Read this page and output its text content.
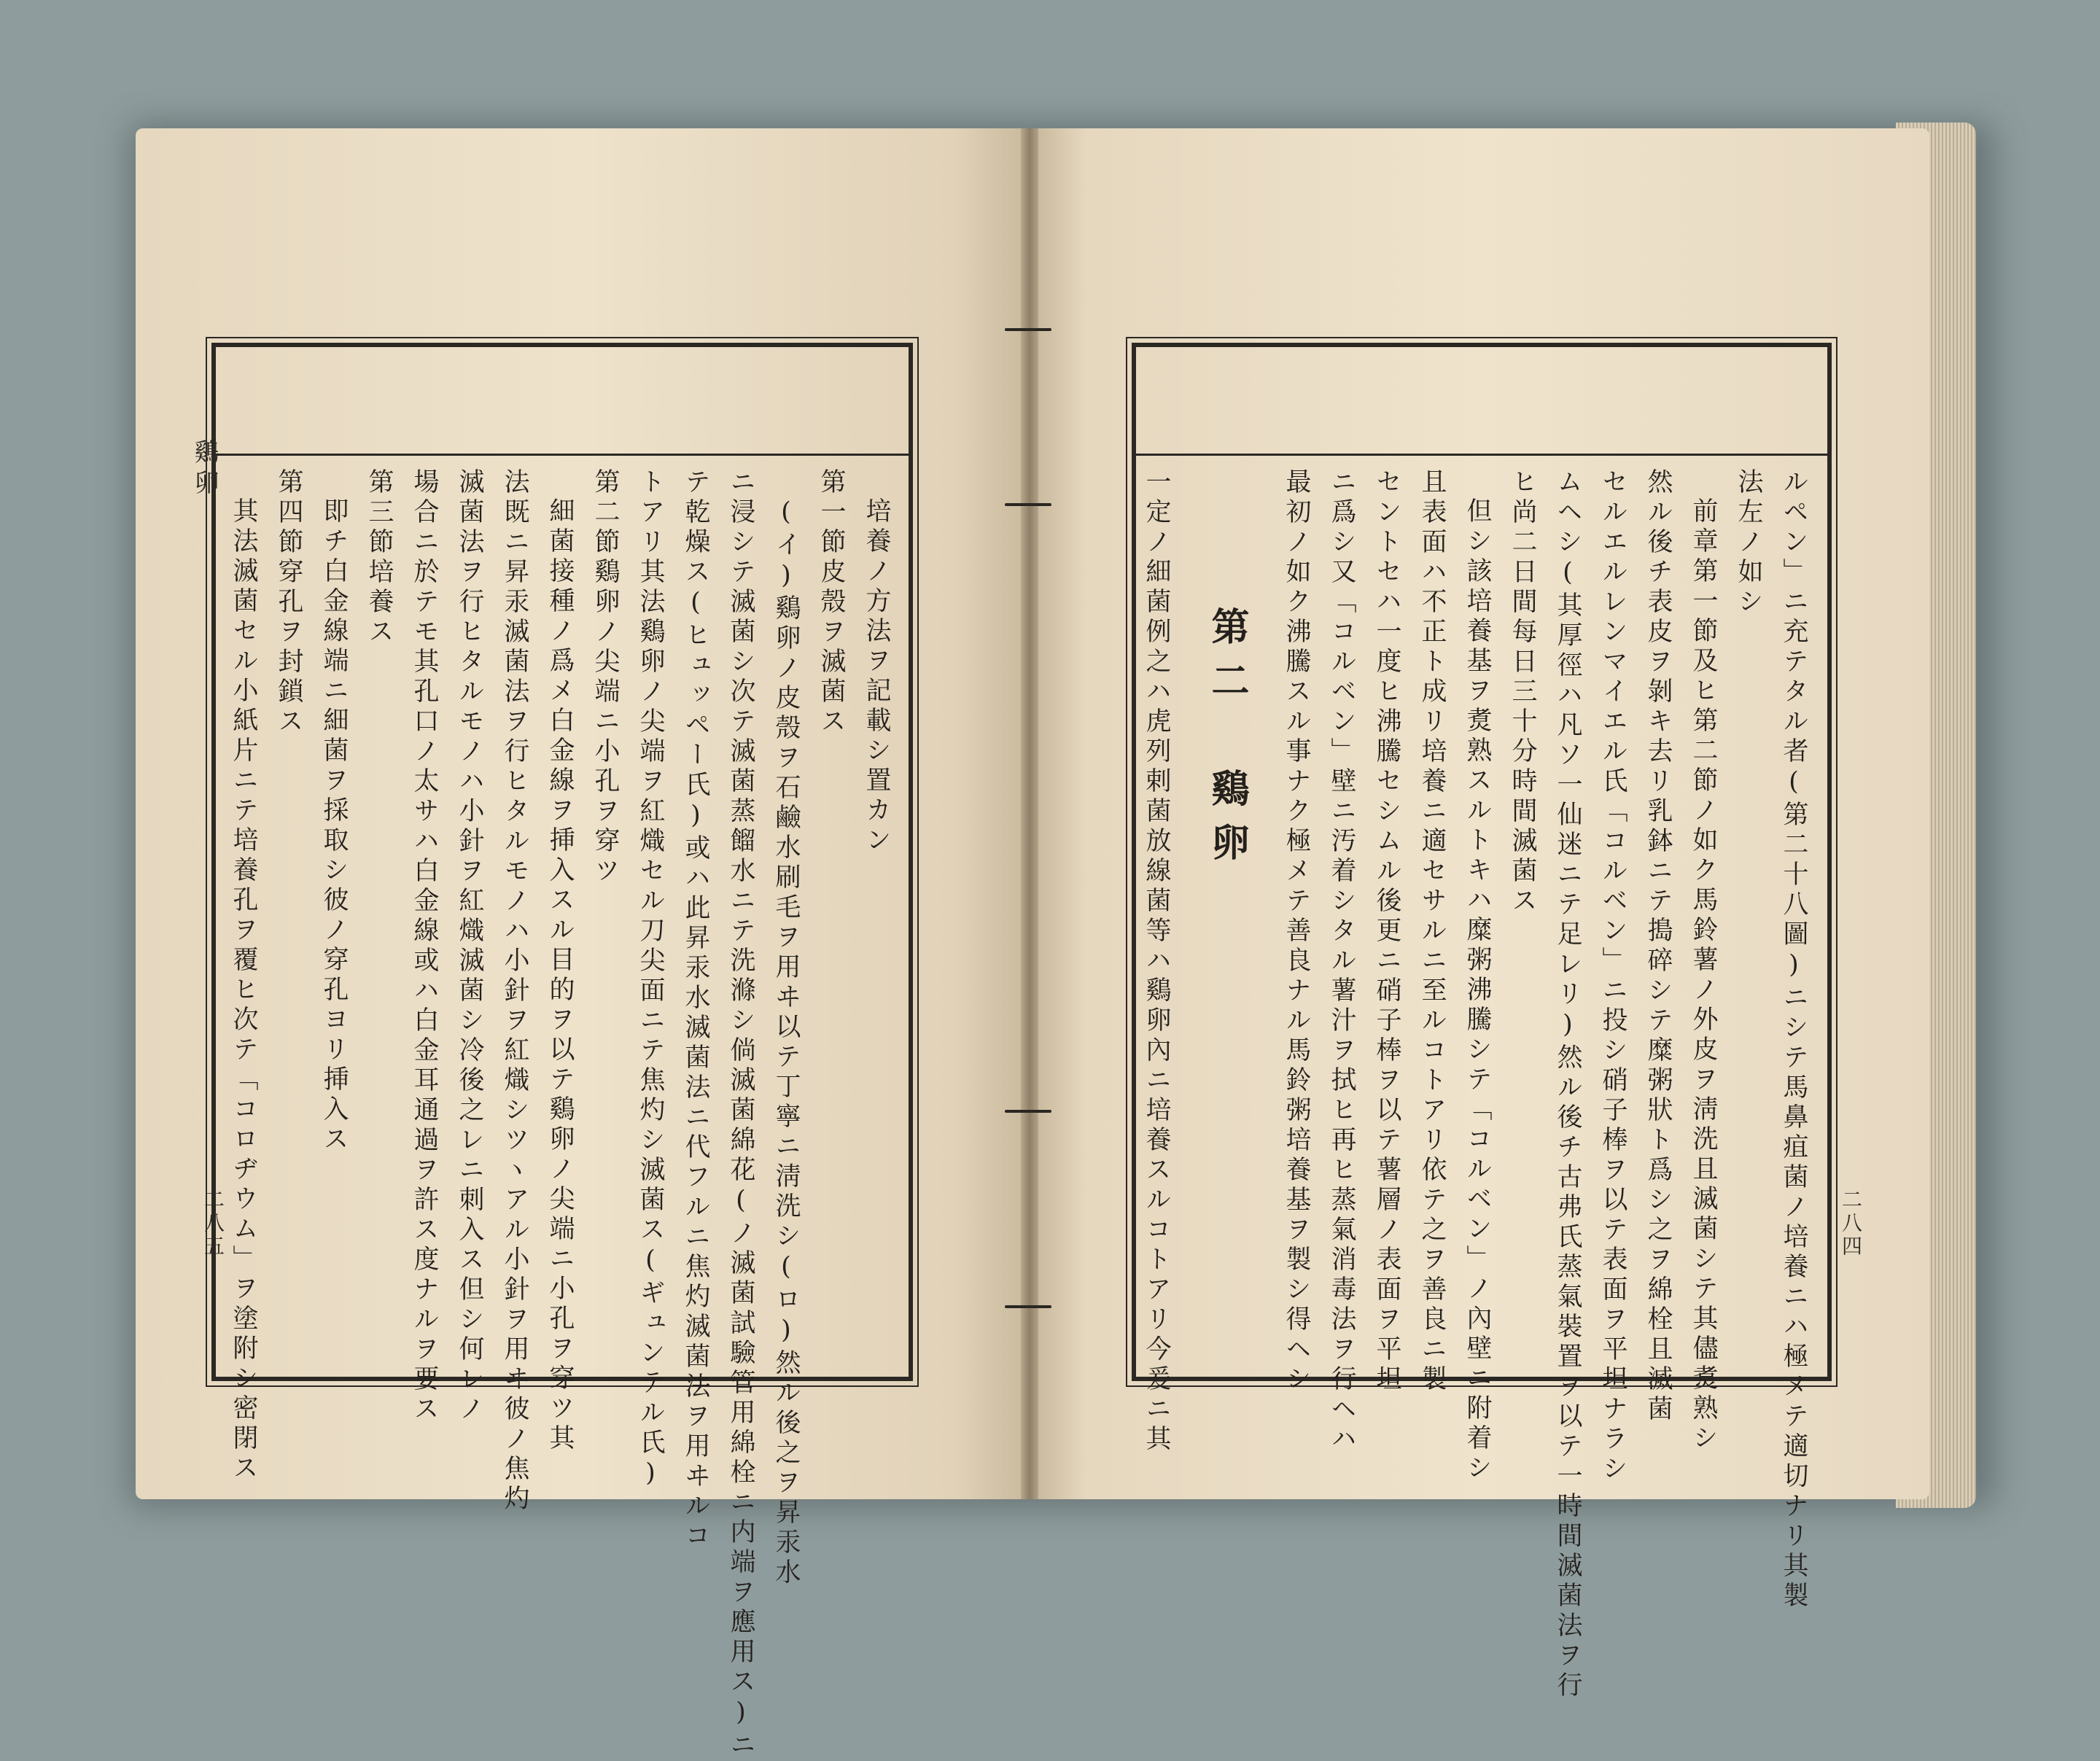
鷄卵
二八五	二八四
培養ノ方法ヲ記載シ置カン
第一節皮殼ヲ滅菌ス
(イ)鷄卵ノ皮殼ヲ石鹼水刷毛ヲ用ヰ以テ丁寧ニ淸洗シ(ロ)然ル後之ヲ昇汞水
ニ浸シテ滅菌シ次テ滅菌蒸餾水ニテ洗滌シ倘滅菌綿花(ノ滅菌試驗管用綿栓ニ内端ヲ應用ス)ニ
テ乾燥ス(ヒュッペー氏)或ハ此昇汞水滅菌法ニ代フルニ焦灼滅菌法ヲ用ヰルコ
トアリ其法鷄卵ノ尖端ヲ紅熾セル刀尖面ニテ焦灼シ滅菌ス(ギュンテル氏)
第二節鷄卵ノ尖端ニ小孔ヲ穿ツ
細菌接種ノ爲メ白金線ヲ挿入スル目的ヲ以テ鷄卵ノ尖端ニ小孔ヲ穿ツ其
法既ニ昇汞滅菌法ヲ行ヒタルモノハ小針ヲ紅熾シツヽアル小針ヲ用ヰ彼ノ焦灼
滅菌法ヲ行ヒタルモノハ小針ヲ紅熾滅菌シ冷後之レニ刺入ス但シ何レノ
場合ニ於テモ其孔口ノ太サハ白金線或ハ白金耳通過ヲ許ス度ナルヲ要ス
第三節培養ス
即チ白金線端ニ細菌ヲ採取シ彼ノ穿孔ヨリ挿入ス
第四節穿孔ヲ封鎖ス
其法滅菌セル小紙片ニテ培養孔ヲ覆ヒ次テ「コロヂウム」ヲ塗附シ密閉ス	ルペン」ニ充テタル者(第二十八圖)ニシテ馬鼻疽菌ノ培養ニハ極メテ適切ナリ其製
法左ノ如シ
前章第一節及ヒ第二節ノ如ク馬鈴薯ノ外皮ヲ淸洗且滅菌シテ其儘煑熟シ
然ル後チ表皮ヲ剝キ去リ乳鉢ニテ搗碎シテ糜粥狀ト爲シ之ヲ綿栓且滅菌
セルエルレンマイエル氏「コルベン」ニ投シ硝子棒ヲ以テ表面ヲ平坦ナラシ
ムヘシ(其厚徑ハ凡ソ一仙迷ニテ足レリ)然ル後チ古弗氏蒸氣裝置ヲ以テ一時間滅菌法ヲ行
ヒ尚二日間每日三十分時間滅菌ス
但シ該培養基ヲ煑熟スルトキハ糜粥沸騰シテ「コルベン」ノ內壁ニ附着シ
且表面ハ不正ト成リ培養ニ適セサルニ至ルコトアリ依テ之ヲ善良ニ製
セントセハ一度ヒ沸騰セシムル後更ニ硝子棒ヲ以テ薯層ノ表面ヲ平坦
ニ爲シ又「コルベン」壁ニ汚着シタル薯汁ヲ拭ヒ再ヒ蒸氣消毒法ヲ行ヘハ
最初ノ如ク沸騰スル事ナク極メテ善良ナル馬鈴粥培養基ヲ製シ得ヘシ
第二　鷄卵
一定ノ細菌例之ハ虎列剌菌放線菌等ハ鷄卵內ニ培養スルコトアリ今爰ニ其
